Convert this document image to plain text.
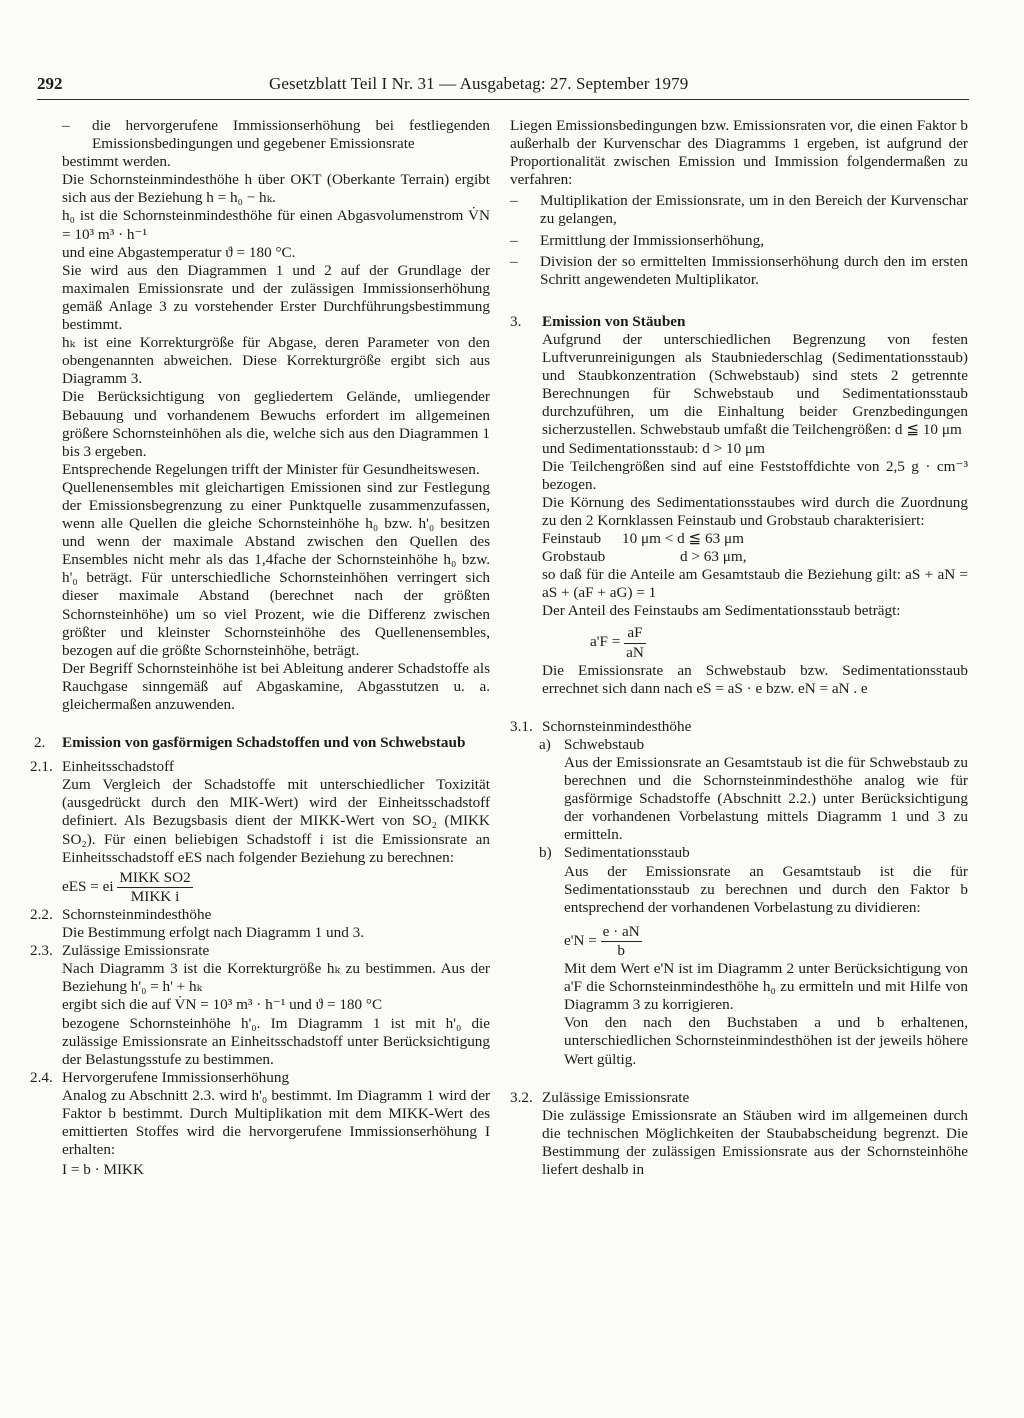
292	Gesetzblatt Teil I Nr. 31 — Ausgabetag: 27. September 1979

– die hervorgerufene Immissionserhöhung bei festliegenden Emissionsbedingungen und gegebener Emissionsrate

bestimmt werden.

Die Schornsteinmindesthöhe h über OKT (Oberkante Terrain) ergibt sich aus der Beziehung h = h₀ − hₖ.

h₀ ist die Schornsteinmindesthöhe für einen Abgasvolumenstrom V̇N = 10³ m³ · h⁻¹

und eine Abgastemperatur ϑ = 180 °C.

Sie wird aus den Diagrammen 1 und 2 auf der Grundlage der maximalen Emissionsrate und der zulässigen Immissionserhöhung gemäß Anlage 3 zu vorstehender Erster Durchführungsbestimmung bestimmt.

hₖ ist eine Korrekturgröße für Abgase, deren Parameter von den obengenannten abweichen. Diese Korrekturgröße ergibt sich aus Diagramm 3.

Die Berücksichtigung von gegliedertem Gelände, umliegender Bebauung und vorhandenem Bewuchs erfordert im allgemeinen größere Schornsteinhöhen als die, welche sich aus den Diagrammen 1 bis 3 ergeben.

Entsprechende Regelungen trifft der Minister für Gesundheitswesen.

Quellenensembles mit gleichartigen Emissionen sind zur Festlegung der Emissionsbegrenzung zu einer Punktquelle zusammenzufassen, wenn alle Quellen die gleiche Schornsteinhöhe h₀ bzw. h'₀ besitzen und wenn der maximale Abstand zwischen den Quellen des Ensembles nicht mehr als das 1,4fache der Schornsteinhöhe h₀ bzw. h'₀ beträgt. Für unterschiedliche Schornsteinhöhen verringert sich dieser maximale Abstand (berechnet nach der größten Schornsteinhöhe) um so viel Prozent, wie die Differenz zwischen größter und kleinster Schornsteinhöhe des Quellenensembles, bezogen auf die größte Schornsteinhöhe, beträgt.

Der Begriff Schornsteinhöhe ist bei Ableitung anderer Schadstoffe als Rauchgase sinngemäß auf Abgaskamine, Abgasstutzen u. a. gleichermaßen anzuwenden.

2. Emission von gasförmigen Schadstoffen und von Schwebstaub

2.1. Einheitsschadstoff

Zum Vergleich der Schadstoffe mit unterschiedlicher Toxizität (ausgedrückt durch den MIK-Wert) wird der Einheitsschadstoff definiert. Als Bezugsbasis dient der MIKK-Wert von SO₂ (MIKK SO₂). Für einen beliebigen Schadstoff i ist die Emissionsrate an Einheitsschadstoff eES nach folgender Beziehung zu berechnen:

eES = ei $\frac{\text{MIKK SO2}}{\text{MIKK i}}$

2.2. Schornsteinmindesthöhe

Die Bestimmung erfolgt nach Diagramm 1 und 3.

2.3. Zulässige Emissionsrate

Nach Diagramm 3 ist die Korrekturgröße hₖ zu bestimmen. Aus der Beziehung h'₀ = h' + hₖ

ergibt sich die auf V̇N = 10³ m³ · h⁻¹ und ϑ = 180 °C

bezogene Schornsteinhöhe h'₀. Im Diagramm 1 ist mit h'₀ die zulässige Emissionsrate an Einheitsschadstoff unter Berücksichtigung der Belastungsstufe zu bestimmen.

2.4. Hervorgerufene Immissionserhöhung

Analog zu Abschnitt 2.3. wird h'₀ bestimmt. Im Diagramm 1 wird der Faktor b bestimmt. Durch Multiplikation mit dem MIKK-Wert des emittierten Stoffes wird die hervorgerufene Immissionserhöhung I erhalten:

I = b · MIKK

Liegen Emissionsbedingungen bzw. Emissionsraten vor, die einen Faktor b außerhalb der Kurvenschar des Diagramms 1 ergeben, ist aufgrund der Proportionalität zwischen Emission und Immission folgendermaßen zu verfahren:

– Multiplikation der Emissionsrate, um in den Bereich der Kurvenschar zu gelangen,

– Ermittlung der Immissionserhöhung,

– Division der so ermittelten Immissionserhöhung durch den im ersten Schritt angewendeten Multiplikator.

3. Emission von Stäuben

Aufgrund der unterschiedlichen Begrenzung von festen Luftverunreinigungen als Staubniederschlag (Sedimentationsstaub) und Staubkonzentration (Schwebstaub) sind stets 2 getrennte Berechnungen für Schwebstaub und Sedimentationsstaub durchzuführen, um die Einhaltung beider Grenzbedingungen sicherzustellen. Schwebstaub umfaßt die Teilchengrößen: d ≦ 10 μm

und Sedimentationsstaub: d > 10 μm

Die Teilchengrößen sind auf eine Feststoffdichte von 2,5 g · cm⁻³ bezogen.

Die Körnung des Sedimentationsstaubes wird durch die Zuordnung zu den 2 Kornklassen Feinstaub und Grobstaub charakterisiert:

Feinstaub 10 μm < d ≦ 63 μm

Grobstaub	d > 63 μm,

so daß für die Anteile am Gesamtstaub die Beziehung gilt: aS + aN = aS + (aF + aG) = 1

Der Anteil des Feinstaubs am Sedimentationsstaub beträgt:

$a'F = \frac{aF}{aN}$

Die Emissionsrate an Schwebstaub bzw. Sedimentationsstaub errechnet sich dann nach eS = aS · e bzw. eN = aN . e

3.1. Schornsteinmindesthöhe

a) Schwebstaub

Aus der Emissionsrate an Gesamtstaub ist die für Schwebstaub zu berechnen und die Schornsteinmindesthöhe analog wie für gasförmige Schadstoffe (Abschnitt 2.2.) unter Berücksichtigung der vorhandenen Vorbelastung mittels Diagramm 1 und 3 zu ermitteln.

b) Sedimentationsstaub

Aus der Emissionsrate an Gesamtstaub ist die für Sedimentationsstaub zu berechnen und durch den Faktor b entsprechend der vorhandenen Vorbelastung zu dividieren:

$e'N = \frac{e \cdot aN}{b}$

Mit dem Wert e'N ist im Diagramm 2 unter Berücksichtigung von a'F die Schornsteinmindesthöhe h₀ zu ermitteln und mit Hilfe von Diagramm 3 zu korrigieren.

Von den nach den Buchstaben a und b erhaltenen, unterschiedlichen Schornsteinmindesthöhen ist der jeweils höhere Wert gültig.

3.2. Zulässige Emissionsrate

Die zulässige Emissionsrate an Stäuben wird im allgemeinen durch die technischen Möglichkeiten der Staubabscheidung begrenzt. Die Bestimmung der zulässigen Emissionsrate aus der Schornsteinhöhe liefert deshalb in
